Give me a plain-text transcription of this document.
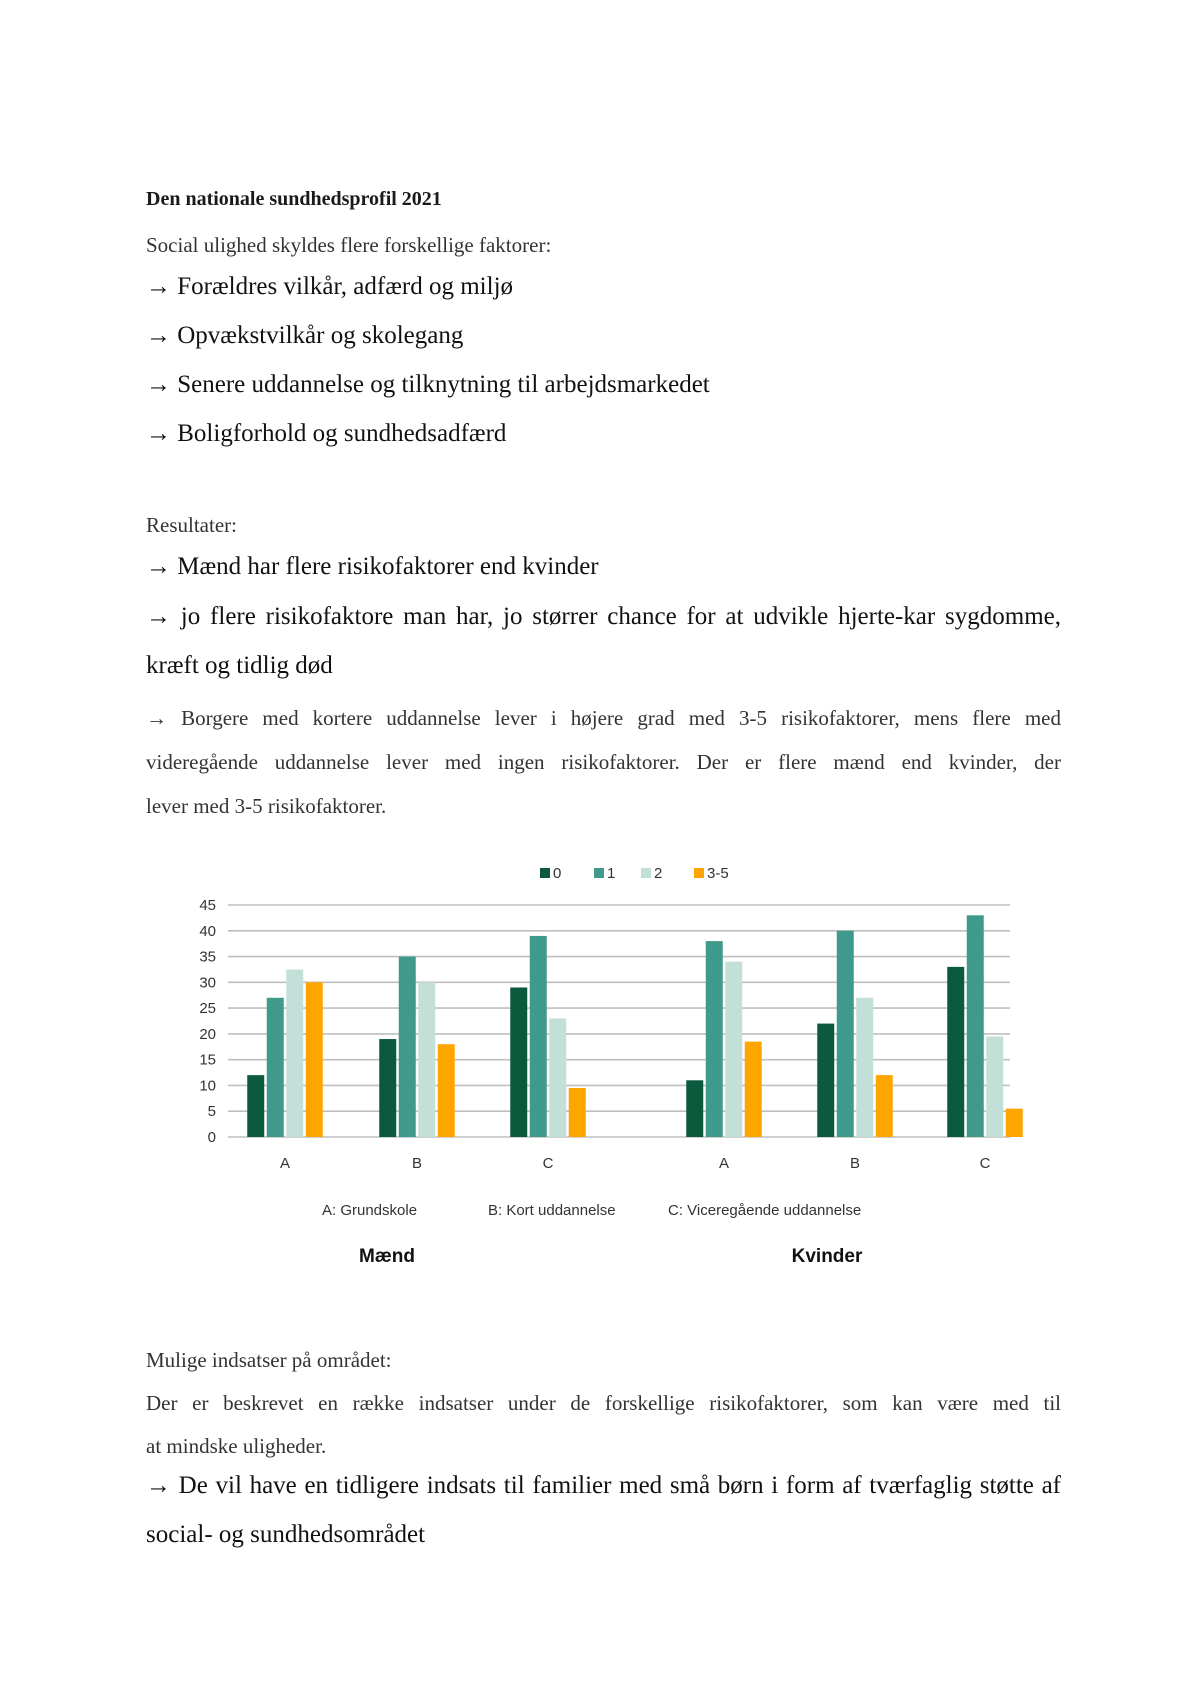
Den nationale sundhedsprofil 2021
Social ulighed skyldes flere forskellige faktorer:
→ Forældres vilkår, adfærd og miljø
→ Opvækstvilkår og skolegang
→ Senere uddannelse og tilknytning til arbejdsmarkedet
→ Boligforhold og sundhedsadfærd
Resultater:
→ Mænd har flere risikofaktorer end kvinder
→ jo flere risikofaktore man har, jo størrer chance for at udvikle hjerte-kar sygdomme,
kræft og tidlig død
→ Borgere med kortere uddannelse lever i højere grad med 3-5 risikofaktorer, mens flere med
videregående uddannelse lever med ingen risikofaktorer. Der er flere mænd end kvinder, der
lever med 3-5 risikofaktorer.
Mulige indsatser på området:
Der er beskrevet en række indsatser under de forskellige risikofaktorer, som kan være med til
at mindske uligheder.
→ De vil have en tidligere indsats til familier med små børn i form af tværfaglig støtte af
social- og sundhedsområdet
0
5
10
15
20
25
30
35
40
45
A	B	C	A	B	C
0	1	2	3-5
A: Grundskole	B: Kort uddannelse	C: Viceregående uddannelse
Mænd	Kvinder
